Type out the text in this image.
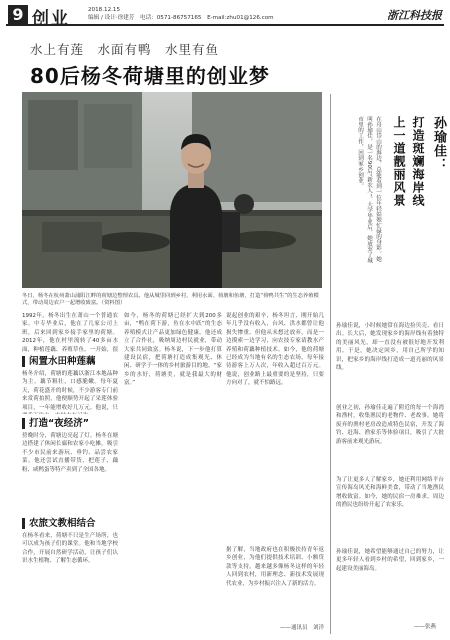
9 创业	2018.12.15
编辑 / 设计·徐建芳　电话：0571-86757165　E-mail:zhu01@126.com	浙江科技报
水上有莲　水面有鸭　水里有鱼
80后杨冬荷塘里的创业梦
冬日，杨冬在杭州萧山浦阳江畔的荷塘边整理农具。他从城里回到乡村，利用水面、荷塘和鱼塘，打造“荷鸭共生”的生态养殖模式，带动周边农户一起增收致富。（资料图）
1992年，杨冬出生在萧山一个普通农家。中专毕业后，他在了几家公司上班，后来回到家乡接手家里的荷塘。2012年，他在村里流转了40多亩水面，种植莲藕、养殖草鱼。一开始，很
闲置水田种莲藕
杨冬介绍，荷塘的莲藕以浙江本地品种为主，藕节粗壮，口感脆嫩。每年夏天，荷花盛开的时候，不少游客专门前来赏荷拍照，他便顺势开起了采莲体验项目，一年能增收好几万元。他说，只
打造“夜经济”
傍晚时分，荷塘边亮起了灯。杨冬在塘边搭建了休闲长廊和农家小吃摊，吸引不少市民前来游玩、垂钓、品尝农家菜。他还尝试直播带货，把莲子、藕粉、咸鸭蛋等特产卖到了全国各地。
农旅文教相结合
在杨冬看来，荷塘不只是生产场所，也可以成为孩子们的课堂。他和当地学校合作，开展自然研学活动，让孩子们认识水生植物、了解生态循环。
如今，杨冬的荷塘已经扩大到200多亩，“鸭在荷下游，鱼在水中跃”的生态养殖模式让产品更加绿色健康。他还成立了合作社，吸纳周边村民就业，带动大家共同致富。杨冬说，下一步他打算建设民宿，把荷塘打造成集观光、休闲、研学于一体的乡村旅游目的地。“家乡的水好，荷塘美，就是我最大的财富。”
说起创业的艰辛，杨冬坦言，刚开始几年几乎没有收入，台风、洪水都曾让他损失惨重。但他从未想过放弃，而是一边摸索一边学习，向农技专家请教水产养殖和荷藕种植技术。如今，他的荷塘已经成为当地有名的生态农场，每年接待游客上万人次，年收入超过百万元。他说，创业路上最重要的是坚持，只要方向对了，就不怕路远。
据了解，当地政府也在积极扶持青年返乡创业，为他们提供技术培训、小额贷款等支持。越来越多像杨冬这样的年轻人回到农村，用新理念、新技术发展现代农业，为乡村振兴注入了新的活力。
——通讯员　刘洋
孙瑜佳：
打造斑斓海岸线
上一道靓丽风景
在舟山岱山的海边，总能看到一位年轻姑娘忙碌的身影。她叫孙瑜佳，是一名90后“新农人”。大学毕业后，她放弃了城市里的工作，回到家乡创业。
孙瑜佳说，小时候她常在海边捡贝壳、看日出。长大后，她发现家乡的海岸线有着独特的美丽风光，却一直没有被很好地开发利用。于是，她决定回乡，用自己所学的知识，把家乡的海岸线打造成一道亮丽的风景线。
创业之初，孙瑜佳走遍了附近的每一个海湾和渔村，收集渔民的老物件、老故事。她将废弃的渔村老房改造成特色民宿，开发了海钓、赶海、渔家乐等体验项目，吸引了大批游客前来观光游玩。
为了让更多人了解家乡，她还利用网络平台宣传海岛风光和海鲜美食，带动了当地渔民增收致富。如今，她的民宿一房难求，周边的渔民也纷纷开起了农家乐。
孙瑜佳说，她希望能够通过自己的努力，让更多年轻人看到乡村的希望，回到家乡，一起建设美丽海岛。
——张燕
